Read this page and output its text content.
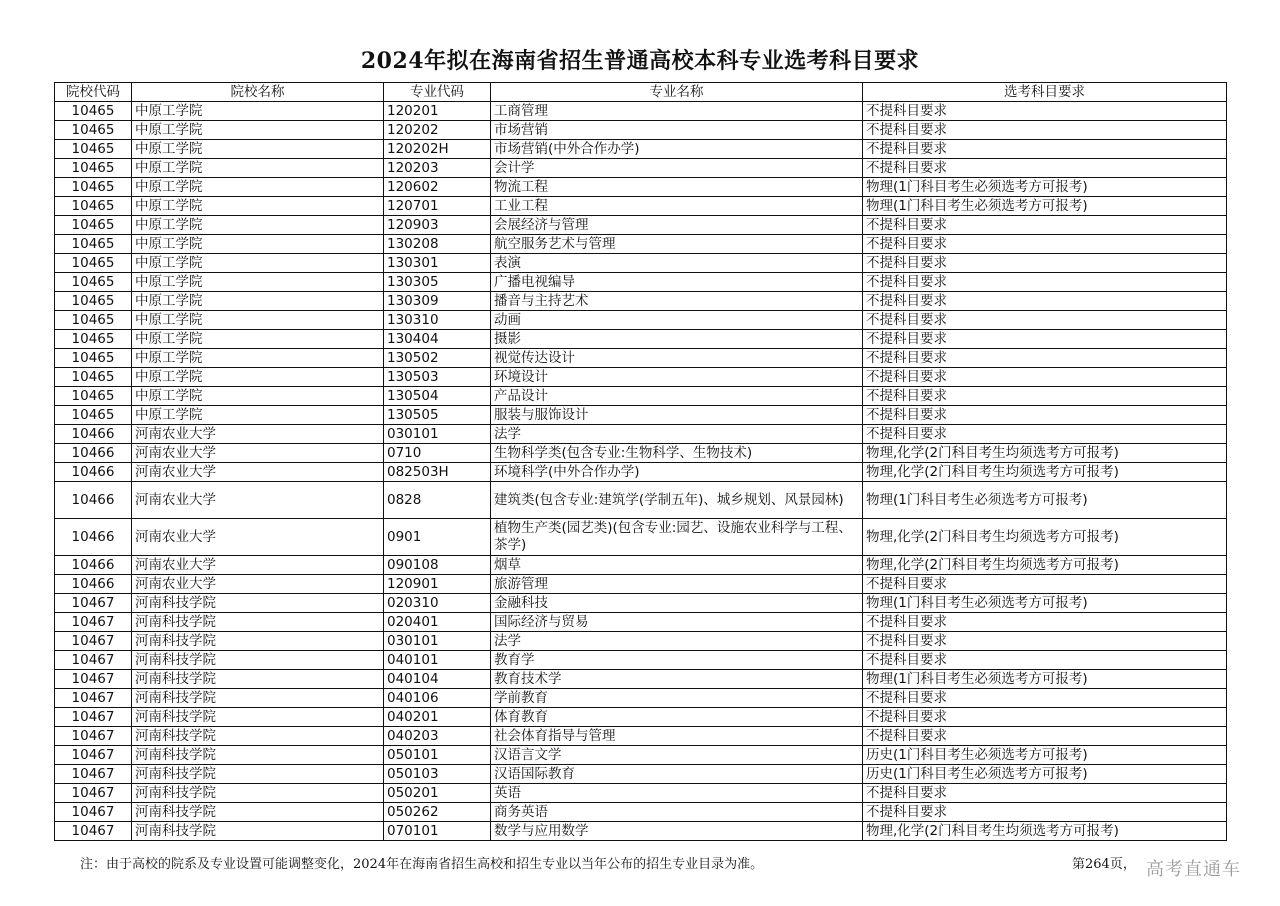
2024年拟在海南省招生普通高校本科专业选考科目要求
院校代码	院校名称	专业代码	专业名称	选考科目要求
10465	中原工学院	120201	工商管理	不提科目要求
10465	中原工学院	120202	市场营销	不提科目要求
10465	中原工学院	120202H	市场营销(中外合作办学)	不提科目要求
10465	中原工学院	120203	会计学	不提科目要求
10465	中原工学院	120602	物流工程	物理(1门科目考生必须选考方可报考)
10465	中原工学院	120701	工业工程	物理(1门科目考生必须选考方可报考)
10465	中原工学院	120903	会展经济与管理	不提科目要求
10465	中原工学院	130208	航空服务艺术与管理	不提科目要求
10465	中原工学院	130301	表演	不提科目要求
10465	中原工学院	130305	广播电视编导	不提科目要求
10465	中原工学院	130309	播音与主持艺术	不提科目要求
10465	中原工学院	130310	动画	不提科目要求
10465	中原工学院	130404	摄影	不提科目要求
10465	中原工学院	130502	视觉传达设计	不提科目要求
10465	中原工学院	130503	环境设计	不提科目要求
10465	中原工学院	130504	产品设计	不提科目要求
10465	中原工学院	130505	服装与服饰设计	不提科目要求
10466	河南农业大学	030101	法学	不提科目要求
10466	河南农业大学	0710	生物科学类(包含专业:生物科学、生物技术)	物理,化学(2门科目考生均须选考方可报考)
10466	河南农业大学	082503H	环境科学(中外合作办学)	物理,化学(2门科目考生均须选考方可报考)
10466	河南农业大学	0828	建筑类(包含专业:建筑学(学制五年)、城乡规划、风景园林)	物理(1门科目考生必须选考方可报考)
10466	河南农业大学	0901	植物生产类(园艺类)(包含专业:园艺、设施农业科学与工程、茶学)	物理,化学(2门科目考生均须选考方可报考)
10466	河南农业大学	090108	烟草	物理,化学(2门科目考生均须选考方可报考)
10466	河南农业大学	120901	旅游管理	不提科目要求
10467	河南科技学院	020310	金融科技	物理(1门科目考生必须选考方可报考)
10467	河南科技学院	020401	国际经济与贸易	不提科目要求
10467	河南科技学院	030101	法学	不提科目要求
10467	河南科技学院	040101	教育学	不提科目要求
10467	河南科技学院	040104	教育技术学	物理(1门科目考生必须选考方可报考)
10467	河南科技学院	040106	学前教育	不提科目要求
10467	河南科技学院	040201	体育教育	不提科目要求
10467	河南科技学院	040203	社会体育指导与管理	不提科目要求
10467	河南科技学院	050101	汉语言文学	历史(1门科目考生必须选考方可报考)
10467	河南科技学院	050103	汉语国际教育	历史(1门科目考生必须选考方可报考)
10467	河南科技学院	050201	英语	不提科目要求
10467	河南科技学院	050262	商务英语	不提科目要求
10467	河南科技学院	070101	数学与应用数学	物理,化学(2门科目考生均须选考方可报考)
注：由于高校的院系及专业设置可能调整变化，2024年在海南省招生高校和招生专业以当年公布的招生专业目录为准。	第264页， 高考直通车
